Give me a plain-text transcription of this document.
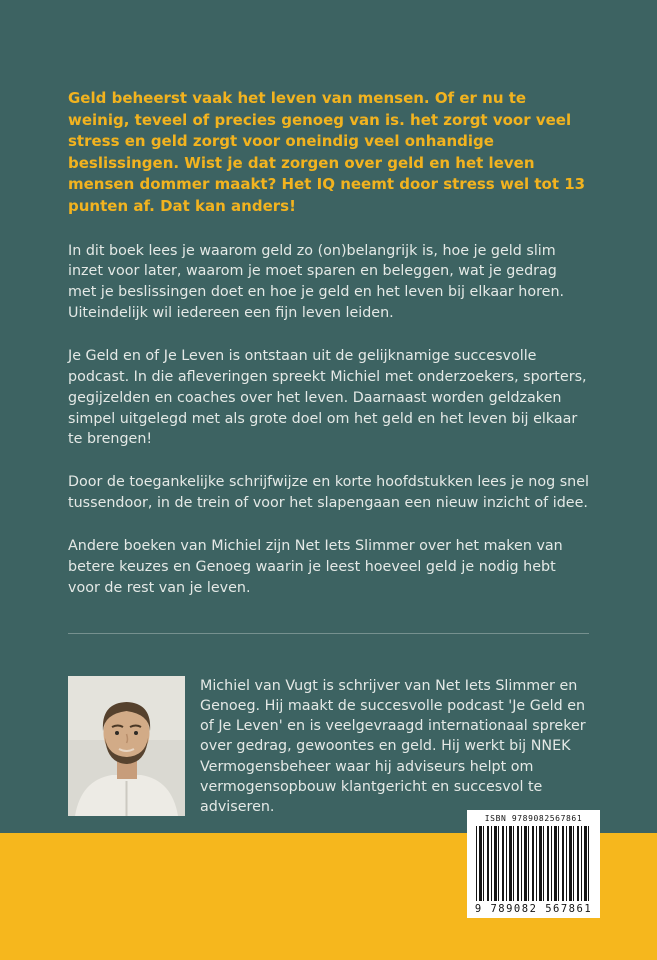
Geld beheerst vaak het leven van mensen. Of er nu te weinig, teveel of precies genoeg van is. het zorgt voor veel stress en geld zorgt voor oneindig veel onhandige beslissingen. Wist je dat zorgen over geld en het leven mensen dommer maakt? Het IQ neemt door stress wel tot 13 punten af. Dat kan anders!

In dit boek lees je waarom geld zo (on)belangrijk is, hoe je geld slim inzet voor later, waarom je moet sparen en beleggen, wat je gedrag met je beslissingen doet en hoe je geld en het leven bij elkaar horen. Uiteindelijk wil iedereen een fijn leven leiden.

Je Geld en of Je Leven is ontstaan uit de gelijknamige succesvolle podcast. In die afleveringen spreekt Michiel met onderzoekers, sporters, gegijzelden en coaches over het leven. Daarnaast worden geldzaken simpel uitgelegd met als grote doel om het geld en het leven bij elkaar te brengen!

Door de toegankelijke schrijfwijze en korte hoofdstukken lees je nog snel tussendoor, in de trein of voor het slapengaan een nieuw inzicht of idee.

Andere boeken van Michiel zijn Net Iets Slimmer over het maken van betere keuzes en Genoeg waarin je leest hoeveel geld je nodig hebt voor de rest van je leven.

Michiel van Vugt is schrijver van Net Iets Slimmer en Genoeg. Hij maakt de succesvolle podcast 'Je Geld en of Je Leven' en is veelgevraagd internationaal spreker over gedrag, gewoontes en geld. Hij werkt bij NNEK Vermogensbeheer waar hij adviseurs helpt om vermogensopbouw klantgericht en succesvol te adviseren.

ISBN 9789082567861
9 789082 567861
